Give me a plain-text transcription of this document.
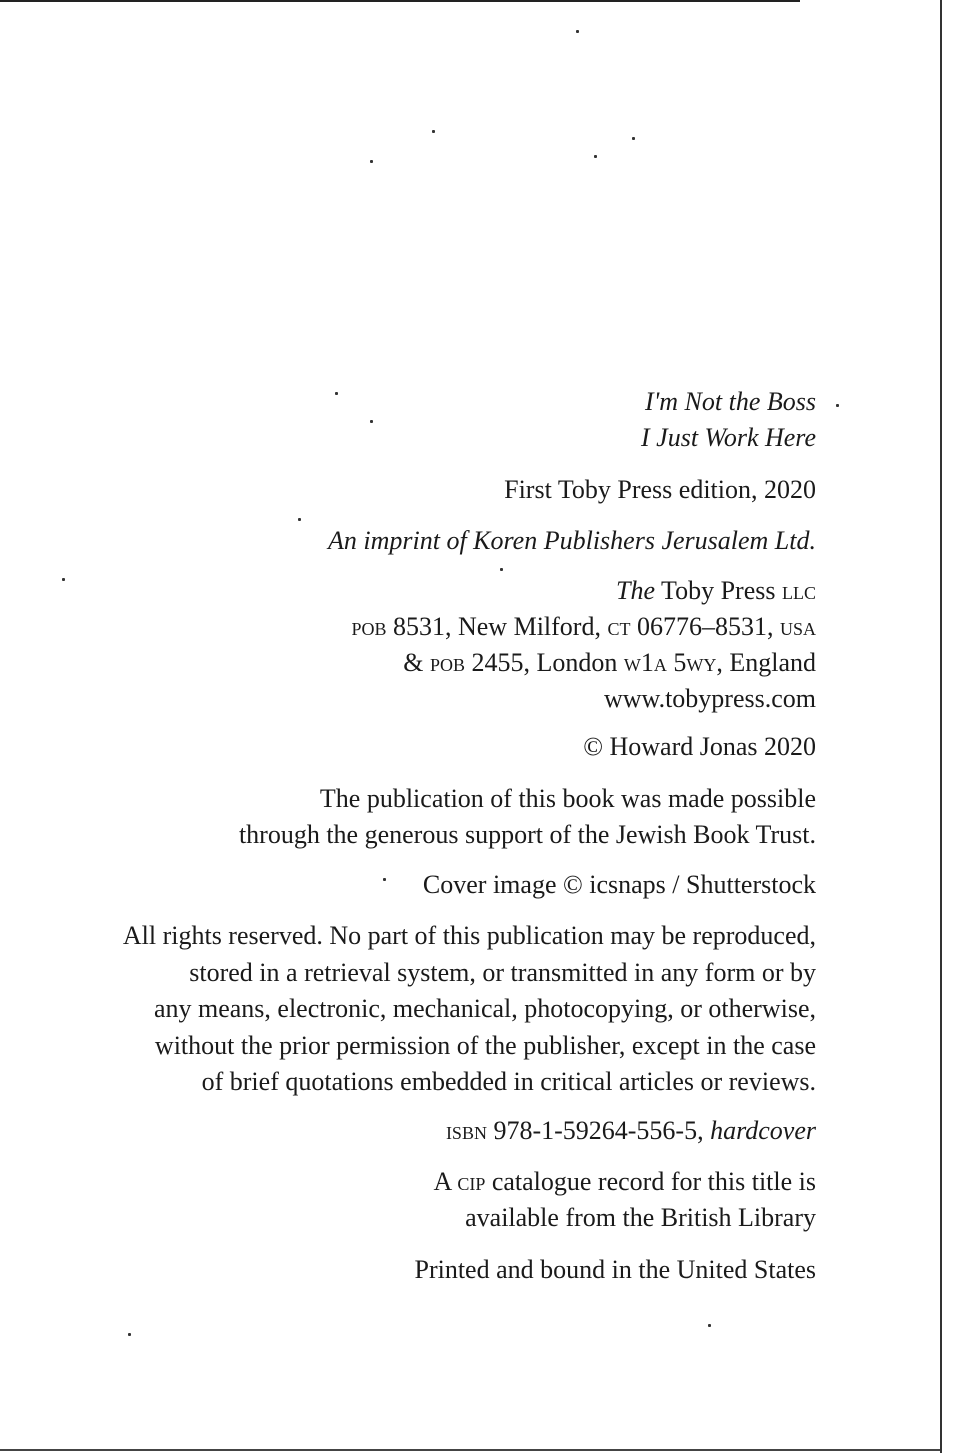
I'm Not the Boss
I Just Work Here
First Toby Press edition, 2020
An imprint of Koren Publishers Jerusalem Ltd.
The Toby Press llc
pob 8531, New Milford, ct 06776–8531, usa
& pob 2455, London w1a 5wy, England
www.tobypress.com
© Howard Jonas 2020
The publication of this book was made possible
through the generous support of the Jewish Book Trust.
Cover image © icsnaps / Shutterstock
All rights reserved. No part of this publication may be reproduced,
stored in a retrieval system, or transmitted in any form or by
any means, electronic, mechanical, photocopying, or otherwise,
without the prior permission of the publisher, except in the case
of brief quotations embedded in critical articles or reviews.
isbn 978-1-59264-556-5, hardcover
A cip catalogue record for this title is
available from the British Library
Printed and bound in the United States
